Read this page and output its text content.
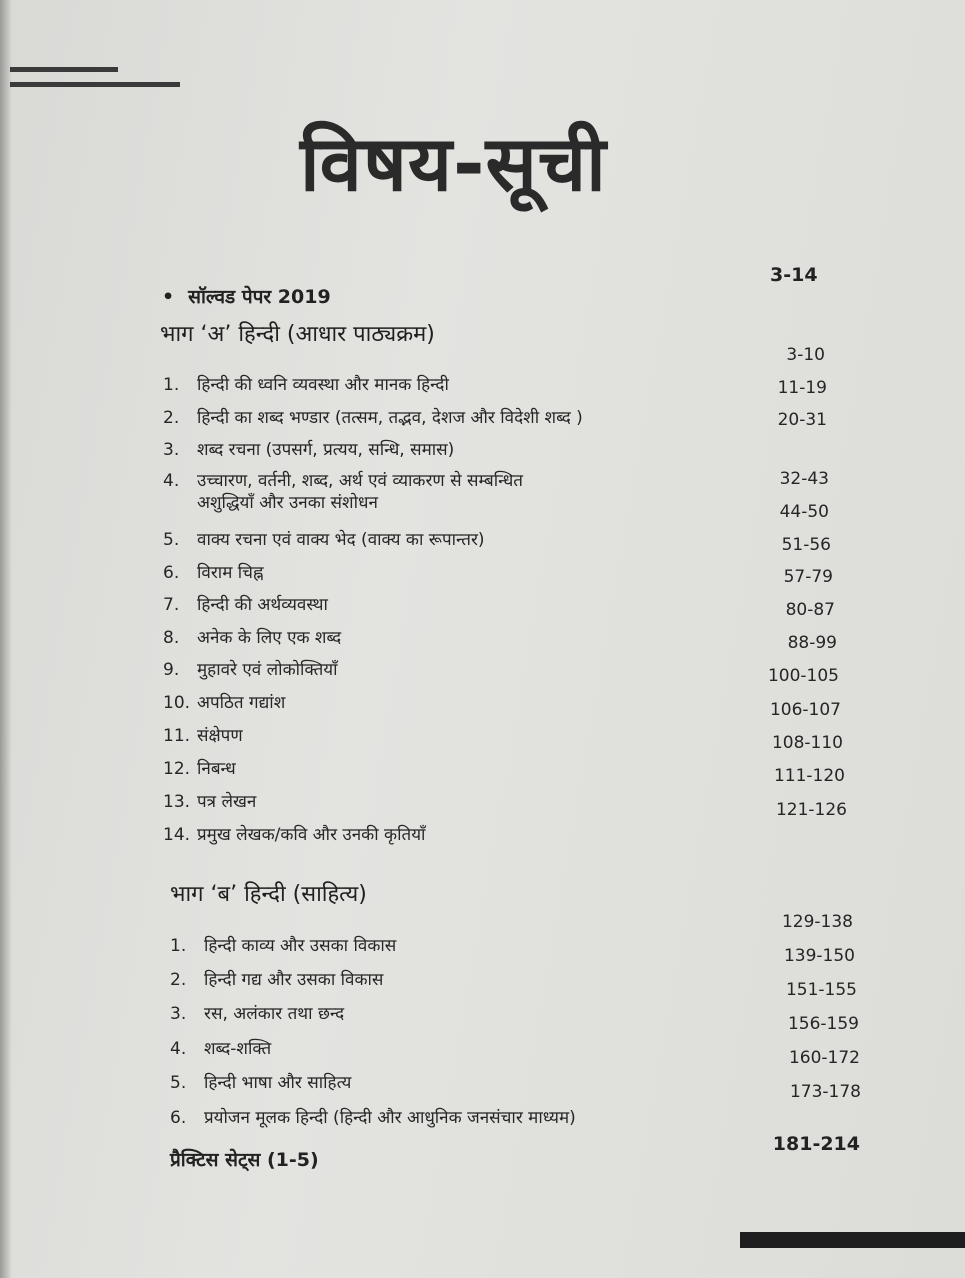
विषय-सूची
3-14
• सॉल्वड पेपर 2019
भाग ‘अ’ हिन्दी (आधार पाठ्यक्रम)
1. हिन्दी की ध्वनि व्यवस्था और मानक हिन्दी
3-10
2. हिन्दी का शब्द भण्डार (तत्सम, तद्भव, देशज और विदेशी शब्द )
11-19
3. शब्द रचना (उपसर्ग, प्रत्यय, सन्धि, समास)
20-31
4. उच्चारण, वर्तनी, शब्द, अर्थ एवं व्याकरण से सम्बन्धित
अशुद्धियाँ और उनका संशोधन
32-43
5. वाक्य रचना एवं वाक्य भेद (वाक्य का रूपान्तर)
44-50
6. विराम चिह्न
51-56
7. हिन्दी की अर्थव्यवस्था
57-79
8. अनेक के लिए एक शब्द
80-87
9. मुहावरे एवं लोकोक्तियाँ
88-99
10. अपठित गद्यांश
100-105
11. संक्षेपण
106-107
12. निबन्ध
108-110
13. पत्र लेखन
111-120
14. प्रमुख लेखक/कवि और उनकी कृतियाँ
121-126
भाग ‘ब’ हिन्दी (साहित्य)
1. हिन्दी काव्य और उसका विकास
129-138
2. हिन्दी गद्य और उसका विकास
139-150
3. रस, अलंकार तथा छन्द
151-155
4. शब्द-शक्ति
156-159
5. हिन्दी भाषा और साहित्य
160-172
6. प्रयोजन मूलक हिन्दी (हिन्दी और आधुनिक जनसंचार माध्यम)
173-178
प्रैक्टिस सेट्स (1-5)
181-214
